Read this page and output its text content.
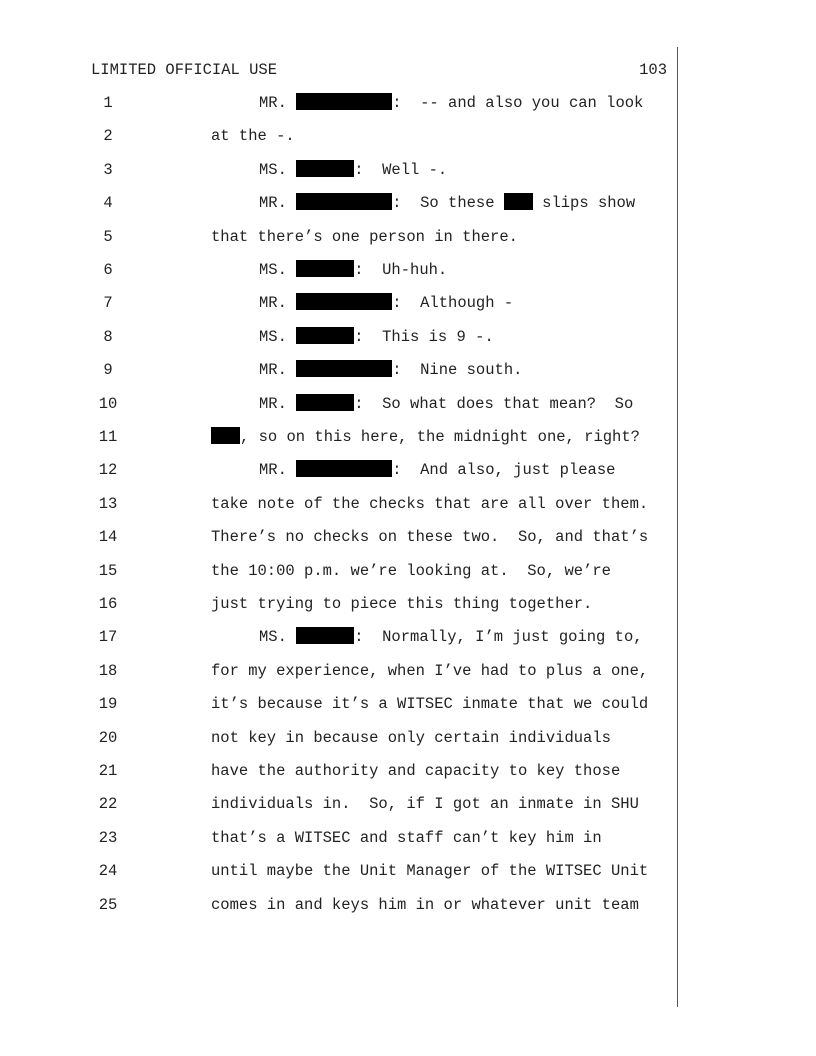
LIMITED OFFICIAL USE	103
1	MR.	:  -- and also you can look
2	at the -.
3	MS.	:  Well -.
4	MR.	:  So these  slips show
5	that there’s one person in there.
6	MS.	:  Uh-huh.
7	MR.	:  Although -
8	MS.	:  This is 9 -.
9	MR.	:  Nine south.
10	MR.	:  So what does that mean?  So
11	, so on this here, the midnight one, right?
12	MR.	:  And also, just please
13	take note of the checks that are all over them.
14	There’s no checks on these two.  So, and that’s
15	the 10:00 p.m. we’re looking at.  So, we’re
16	just trying to piece this thing together.
17	MS.	:  Normally, I’m just going to,
18	for my experience, when I’ve had to plus a one,
19	it’s because it’s a WITSEC inmate that we could
20	not key in because only certain individuals
21	have the authority and capacity to key those
22	individuals in.  So, if I got an inmate in SHU
23	that’s a WITSEC and staff can’t key him in
24	until maybe the Unit Manager of the WITSEC Unit
25	comes in and keys him in or whatever unit team
